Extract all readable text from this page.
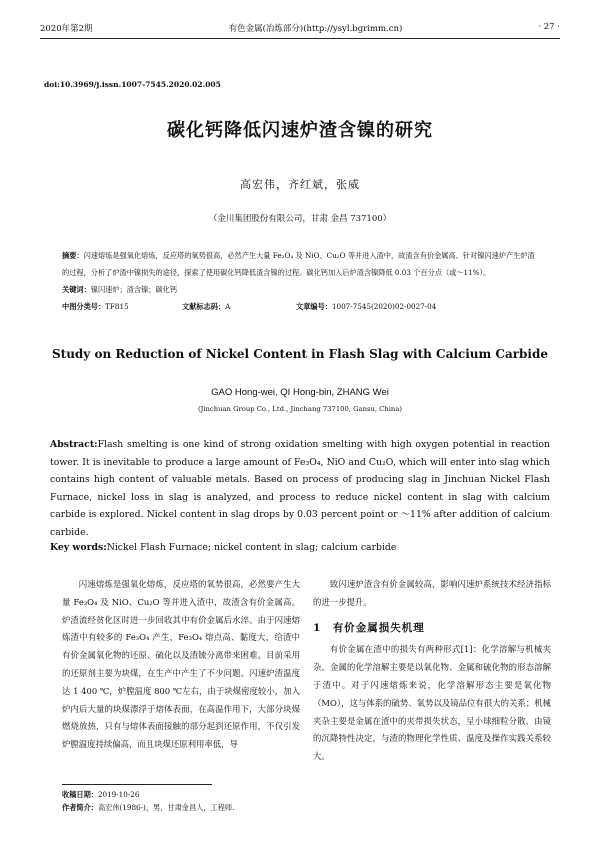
2020年第2期	有色金属(冶炼部分)(http://ysyl.bgrimm.cn)	· 27 ·
doi:10.3969/j.issn.1007-7545.2020.02.005
碳化钙降低闪速炉渣含镍的研究
高宏伟，齐红斌，张威
（金川集团股份有限公司，甘肃 金昌 737100）
摘要：闪速熔炼是强氧化熔炼，反应塔的氧势很高，必然产生大量 Fe₃O₄ 及 NiO、Cu₂O 等并进入渣中，故渣含有价金属高。针对镍闪速炉产生炉渣的过程，分析了炉渣中镍损失的途径，探索了使用碳化钙降低渣含镍的过程。碳化钙加入后炉渣含镍降低 0.03 个百分点（或～11%）。
关键词：镍闪速炉；渣含镍；碳化钙
中图分类号：TF815	文献标志码：A	文章编号：1007-7545(2020)02-0027-04
Study on Reduction of Nickel Content in Flash Slag with Calcium Carbide
GAO Hong-wei, QI Hong-bin, ZHANG Wei
(Jinchuan Group Co., Ltd., Jinchang 737100, Gansu, China)
Abstract:Flash smelting is one kind of strong oxidation smelting with high oxygen potential in reaction tower. It is inevitable to produce a large amount of Fe₃O₄, NiO and Cu₂O, which will enter into slag which contains high content of valuable metals. Based on process of producing slag in Jinchuan Nickel Flash Furnace, nickel loss in slag is analyzed, and process to reduce nickel content in slag with calcium carbide is explored. Nickel content in slag drops by 0.03 percent point or ～11% after addition of calcium carbide.
Key words:Nickel Flash Furnace; nickel content in slag; calcium carbide
闪速熔炼是强氧化熔炼，反应塔的氧势很高，必然要产生大量 Fe₃O₄ 及 NiO、Cu₂O 等并进入渣中，故渣含有价金属高。炉渣流经贫化区时进一步回收其中有价金属后水淬。由于闪速熔炼渣中有较多的 Fe₃O₄ 产生，Fe₃O₄ 熔点高、黏度大，给渣中有价金属氧化物的还原、硫化以及渣锍分离带来困难。目前采用的还原剂主要为块煤，在生产中产生了不少问题。闪速炉渣温度达 1 400 ℃，炉膛温度 800 ℃左右，由于块煤密度较小，加入炉内后大量的块煤漂浮于熔体表面，在高温作用下，大部分块煤燃烧放热，只有与熔体表面接触的部分起到还原作用，不仅引发炉膛温度持续偏高，而且块煤还原利用率低，导

致闪速炉渣含有价金属较高，影响闪速炉系统技术经济指标的进一步提升。

1　有价金属损失机理

有价金属在渣中的损失有两种形式[1]：化学溶解与机械夹杂。金属的化学溶解主要是以氧化物、金属和硫化物的形态溶解于渣中。对于闪速熔炼来说，化学溶解形态主要是氧化物（MO），这与体系的硫势、氧势以及镜品位有很大的关系；机械夹杂主要是金属在渣中的夹带损失状态，呈小球细粒分散，由镜的沉降特性决定，与渣的物理化学性质、温度及操作实践关系较大。

收稿日期：2019-10-26
作者简介：高宏伟(1986-)，男，甘肃金昌人，工程师.
